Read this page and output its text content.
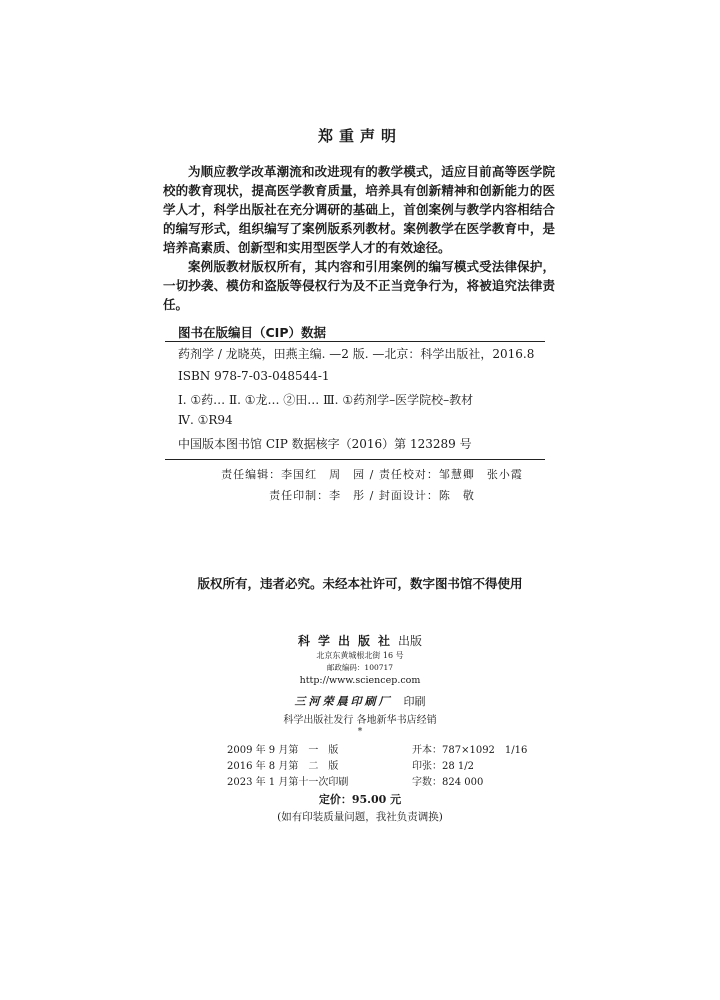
郑重声明

为顺应教学改革潮流和改进现有的教学模式，适应目前高等医学院校的教育现状，提高医学教育质量，培养具有创新精神和创新能力的医学人才，科学出版社在充分调研的基础上，首创案例与教学内容相结合的编写形式，组织编写了案例版系列教材。案例教学在医学教育中，是培养高素质、创新型和实用型医学人才的有效途径。

案例版教材版权所有，其内容和引用案例的编写模式受法律保护，一切抄袭、模仿和盗版等侵权行为及不正当竞争行为，将被追究法律责任。

图书在版编目（CIP）数据
药剂学 / 龙晓英，田燕主编. —2 版. —北京：科学出版社，2016.8
ISBN 978-7-03-048544-1
Ⅰ. ①药… Ⅱ. ①龙… ②田… Ⅲ. ①药剂学–医学院校–教材
Ⅳ. ①R94
中国版本图书馆 CIP 数据核字（2016）第 123289 号
责任编辑：李国红　周　园 / 责任校对：邹慧卿　张小霞
责任印制：李　彤 / 封面设计：陈　敬
版权所有，违者必究。未经本社许可，数字图书馆不得使用
科学出版社出版
北京东黄城根北街 16 号
邮政编码：100717
http://www.sciencep.com
三河荣晨印刷厂　 印刷
科学出版社发行 各地新华书店经销
*
2009 年 9 月第　一　版	开本：787×1092　1/16
2016 年 8 月第　二　版	印张：28 1/2
2023 年 1 月第十一次印刷	字数：824 000
定价：95.00 元
(如有印装质量问题，我社负责调换)
